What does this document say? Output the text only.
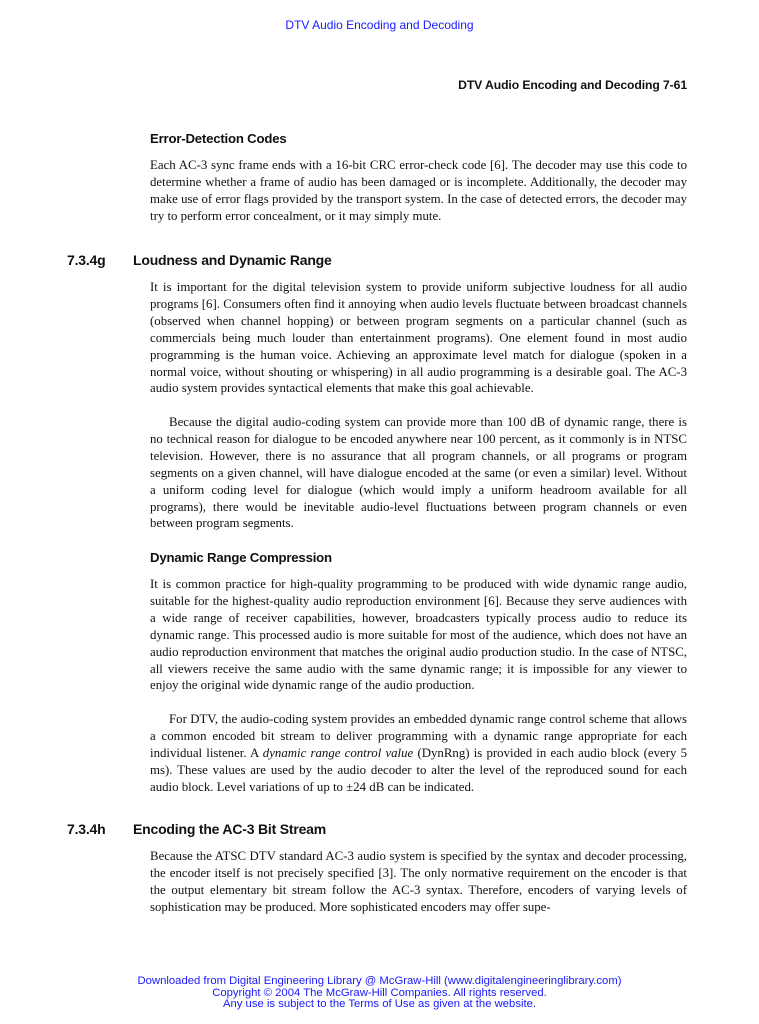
DTV Audio Encoding and Decoding
DTV Audio Encoding and Decoding 7-61
Error-Detection Codes

Each AC-3 sync frame ends with a 16-bit CRC error-check code [6]. The decoder may use this code to determine whether a frame of audio has been damaged or is incomplete. Additionally, the decoder may make use of error flags provided by the transport system. In the case of detected errors, the decoder may try to perform error concealment, or it may simply mute.

7.3.4g Loudness and Dynamic Range

It is important for the digital television system to provide uniform subjective loudness for all audio programs [6]. Consumers often find it annoying when audio levels fluctuate between broadcast channels (observed when channel hopping) or between program segments on a particular channel (such as commercials being much louder than entertainment programs). One element found in most audio programming is the human voice. Achieving an approximate level match for dialogue (spoken in a normal voice, without shouting or whispering) in all audio programming is a desirable goal. The AC-3 audio system provides syntactical elements that make this goal achievable.

Because the digital audio-coding system can provide more than 100 dB of dynamic range, there is no technical reason for dialogue to be encoded anywhere near 100 percent, as it commonly is in NTSC television. However, there is no assurance that all program channels, or all programs or program segments on a given channel, will have dialogue encoded at the same (or even a similar) level. Without a uniform coding level for dialogue (which would imply a uniform headroom available for all programs), there would be inevitable audio-level fluctuations between program channels or even between program segments.

Dynamic Range Compression

It is common practice for high-quality programming to be produced with wide dynamic range audio, suitable for the highest-quality audio reproduction environment [6]. Because they serve audiences with a wide range of receiver capabilities, however, broadcasters typically process audio to reduce its dynamic range. This processed audio is more suitable for most of the audience, which does not have an audio reproduction environment that matches the original audio production studio. In the case of NTSC, all viewers receive the same audio with the same dynamic range; it is impossible for any viewer to enjoy the original wide dynamic range of the audio production.

For DTV, the audio-coding system provides an embedded dynamic range control scheme that allows a common encoded bit stream to deliver programming with a dynamic range appropriate for each individual listener. A dynamic range control value (DynRng) is provided in each audio block (every 5 ms). These values are used by the audio decoder to alter the level of the reproduced sound for each audio block. Level variations of up to ±24 dB can be indicated.

7.3.4h Encoding the AC-3 Bit Stream

Because the ATSC DTV standard AC-3 audio system is specified by the syntax and decoder processing, the encoder itself is not precisely specified [3]. The only normative requirement on the encoder is that the output elementary bit stream follow the AC-3 syntax. Therefore, encoders of varying levels of sophistication may be produced. More sophisticated encoders may offer supe-

Downloaded from Digital Engineering Library @ McGraw-Hill (www.digitalengineeringlibrary.com)
Copyright © 2004 The McGraw-Hill Companies. All rights reserved.
Any use is subject to the Terms of Use as given at the website.
